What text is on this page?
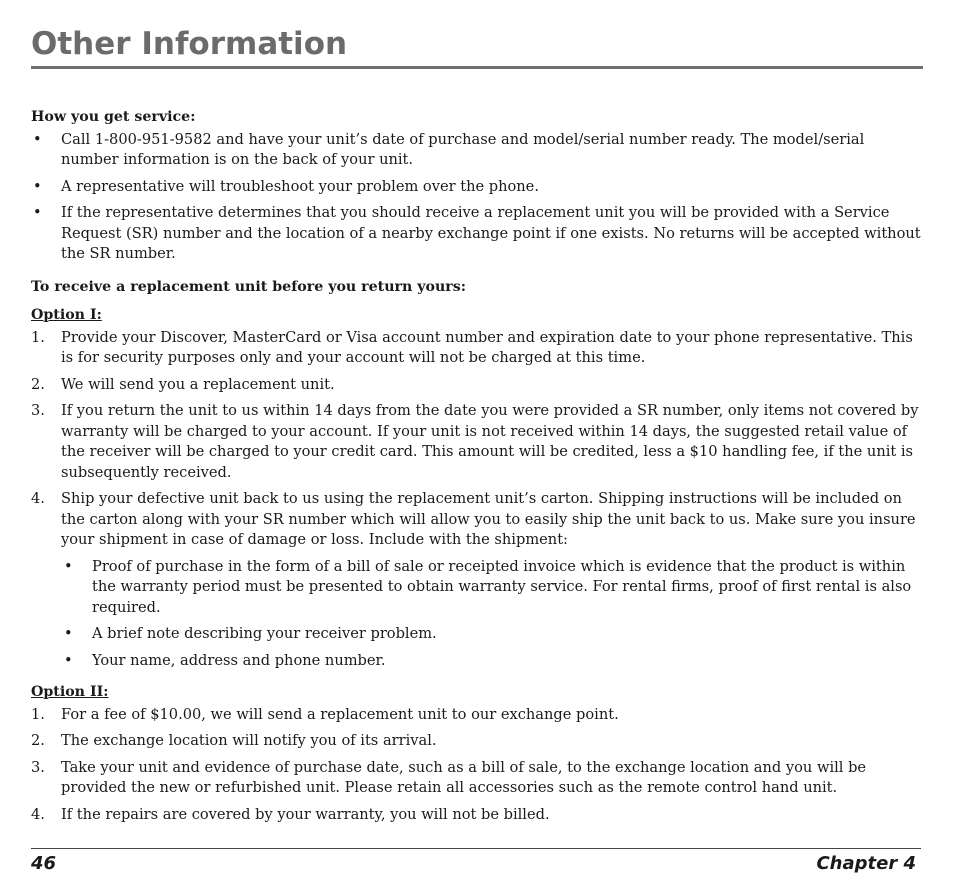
Other Information

How you get service:

• Call 1-800-951-9582 and have your unit’s date of purchase and model/serial number ready. The model/serial number information is on the back of your unit.
• A representative will troubleshoot your problem over the phone.
• If the representative determines that you should receive a replacement unit you will be provided with a Service Request (SR) number and the location of a nearby exchange point if one exists. No returns will be accepted without the SR number.

To receive a replacement unit before you return yours:

Option I:

1. Provide your Discover, MasterCard or Visa account number and expiration date to your phone representative. This is for security purposes only and your account will not be charged at this time.
2. We will send you a replacement unit.
3. If you return the unit to us within 14 days from the date you were provided a SR number, only items not covered by warranty will be charged to your account. If your unit is not received within 14 days, the suggested retail value of the receiver will be charged to your credit card. This amount will be credited, less a $10 handling fee, if the unit is subsequently received.
4. Ship your defective unit back to us using the replacement unit’s carton. Shipping instructions will be included on the carton along with your SR number which will allow you to easily ship the unit back to us. Make sure you insure your shipment in case of damage or loss. Include with the shipment:
• Proof of purchase in the form of a bill of sale or receipted invoice which is evidence that the product is within the warranty period must be presented to obtain warranty service. For rental firms, proof of first rental is also required.
• A brief note describing your receiver problem.
• Your name, address and phone number.

Option II:

1. For a fee of $10.00, we will send a replacement unit to our exchange point.
2. The exchange location will notify you of its arrival.
3. Take your unit and evidence of purchase date, such as a bill of sale, to the exchange location and you will be provided the new or refurbished unit. Please retain all accessories such as the remote control hand unit.
4. If the repairs are covered by your warranty, you will not be billed.
46	Chapter 4
